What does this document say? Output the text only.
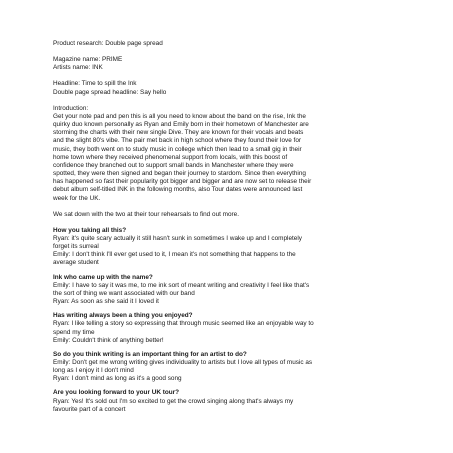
Product research: Double page spread
Magazine name: PRIME
Artists name: INK
Headline: Time to spill the Ink
Double page spread headline: Say hello
Introduction:
Get your note pad and pen this is all you need to know about the band on the rise, Ink the
quirky duo known personally as Ryan and Emily born in their hometown of Manchester are
storming the charts with their new single Dive. They are known for their vocals and beats
and the slight 80's vibe. The pair met back in high school where they found their love for
music, they both went on to study music in college which then lead to a small gig in their
home town where they received phenomenal support from locals, with this boost of
confidence they branched out to support small bands in Manchester where they were
spotted, they were then signed and began their journey to stardom. Since then everything
has happened so fast their popularity got bigger and bigger and are now set to release their
debut album self-titled INK in the following months, also Tour dates were announced last
week for the UK.
We sat down with the two at their tour rehearsals to find out more.
How you taking all this?
Ryan: it's quite scary actually it still hasn't sunk in sometimes I wake up and I completely
forget its surreal
Emily: I don't think I'll ever get used to it, I mean it's not something that happens to the
average student
Ink who came up with the name?
Emily: I have to say it was me, to me ink sort of meant writing and creativity I feel like that's
the sort of thing we want associated with our band
Ryan: As soon as she said it I loved it
Has writing always been a thing you enjoyed?
Ryan: I like telling a story so expressing that through music seemed like an enjoyable way to
spend my time
Emily: Couldn't think of anything better!
So do you think writing is an important thing for an artist to do?
Emily: Don't get me wrong writing gives individuality to artists but I love all types of music as
long as I enjoy it I don't mind
Ryan: I don't mind as long as it's a good song
Are you looking forward to your UK tour?
Ryan: Yes! It's sold out I'm so excited to get the crowd singing along that's always my
favourite part of a concert
